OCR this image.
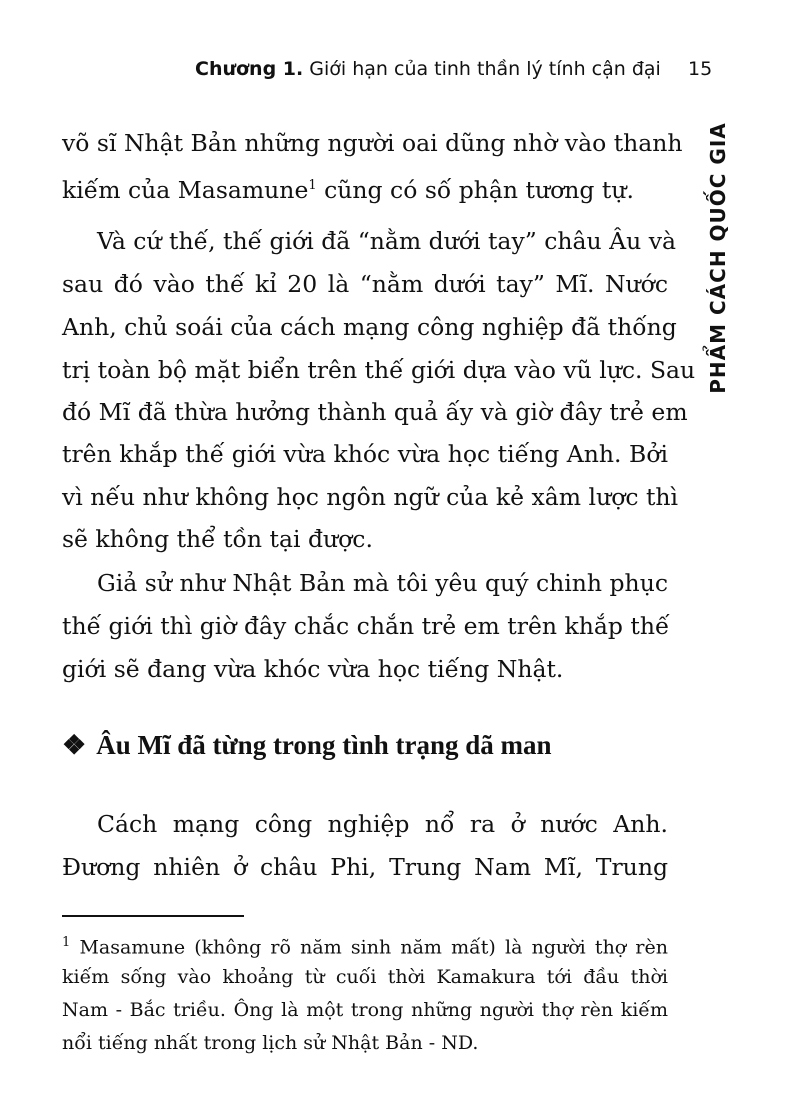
Chương 1. Giới hạn của tinh thần lý tính cận đại	15
PHẨM CÁCH QUỐC GIA
võ sĩ Nhật Bản những người oai dũng nhờ vào thanh
kiếm của Masamune$^1$ cũng có số phận tương tự.
Và cứ thế, thế giới đã “nằm dưới tay” châu Âu và
sau đó vào thế kỉ 20 là “nằm dưới tay” Mĩ. Nước
Anh, chủ soái của cách mạng công nghiệp đã thống
trị toàn bộ mặt biển trên thế giới dựa vào vũ lực. Sau
đó Mĩ đã thừa hưởng thành quả ấy và giờ đây trẻ em
trên khắp thế giới vừa khóc vừa học tiếng Anh. Bởi
vì nếu như không học ngôn ngữ của kẻ xâm lược thì
sẽ không thể tồn tại được.
Giả sử như Nhật Bản mà tôi yêu quý chinh phục
thế giới thì giờ đây chắc chắn trẻ em trên khắp thế
giới sẽ đang vừa khóc vừa học tiếng Nhật.
❖ Âu Mĩ đã từng trong tình trạng dã man
Cách mạng công nghiệp nổ ra ở nước Anh.
Đương nhiên ở châu Phi, Trung Nam Mĩ, Trung
$^1$ Masamune (không rõ năm sinh năm mất) là người thợ rèn
kiếm sống vào khoảng từ cuối thời Kamakura tới đầu thời
Nam - Bắc triều. Ông là một trong những người thợ rèn kiếm
nổi tiếng nhất trong lịch sử Nhật Bản - ND.
